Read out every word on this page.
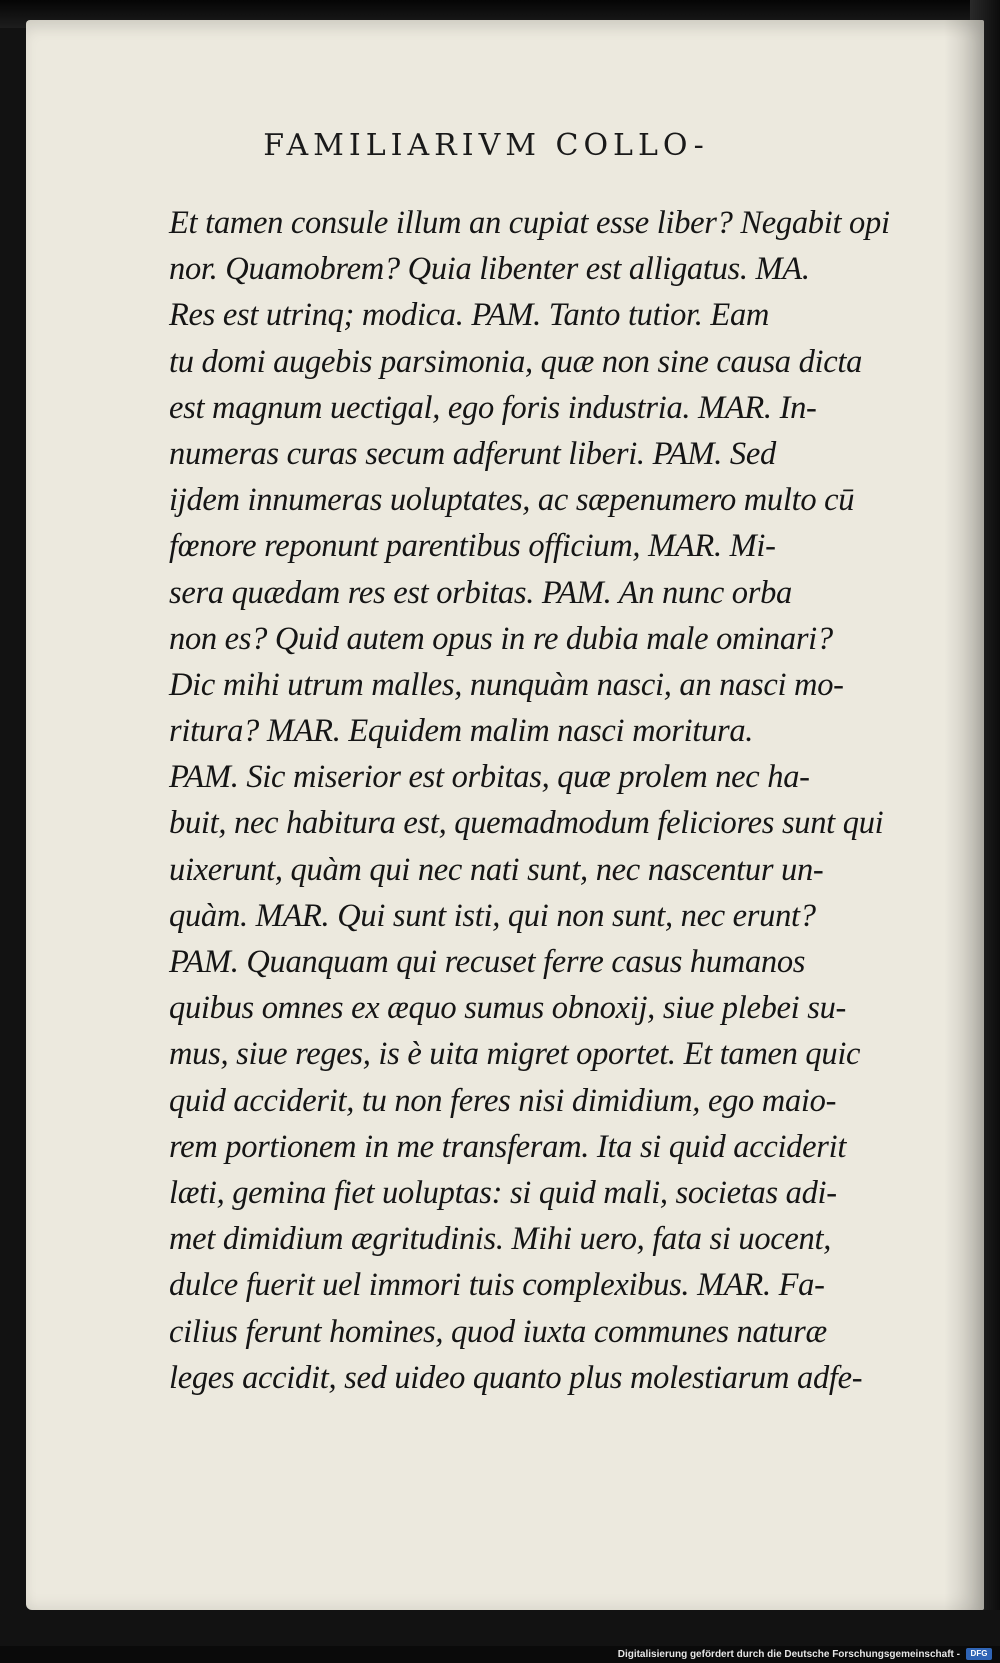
FAMILIARIVM COLLO-
Et tamen consule illum an cupiat esse liber? Negabit opi
nor. Quamobrem? Quia libenter est alligatus. MA.
Res est utrinq; modica. PAM. Tanto tutior. Eam
tu domi augebis parsimonia, quæ non sine causa dicta
est magnum uectigal, ego foris industria. MAR. In-
numeras curas secum adferunt liberi. PAM. Sed
ijdem innumeras uoluptates, ac sæpenumero multo cū
fœnore reponunt parentibus officium, MAR. Mi-
sera quædam res est orbitas. PAM. An nunc orba
non es? Quid autem opus in re dubia male ominari?
Dic mihi utrum malles, nunquàm nasci, an nasci mo-
ritura? MAR. Equidem malim nasci moritura.
PAM. Sic miserior est orbitas, quæ prolem nec ha-
buit, nec habitura est, quemadmodum feliciores sunt qui
uixerunt, quàm qui nec nati sunt, nec nascentur un-
quàm. MAR. Qui sunt isti, qui non sunt, nec erunt?
PAM. Quanquam qui recuset ferre casus humanos
quibus omnes ex æquo sumus obnoxij, siue plebei su-
mus, siue reges, is è uita migret oportet. Et tamen quic
quid acciderit, tu non feres nisi dimidium, ego maio-
rem portionem in me transferam. Ita si quid acciderit
læti, gemina fiet uoluptas: si quid mali, societas adi-
met dimidium ægritudinis. Mihi uero, fata si uocent,
dulce fuerit uel immori tuis complexibus. MAR. Fa-
cilius ferunt homines, quod iuxta communes naturæ
leges accidit, sed uideo quanto plus molestiarum adfe-
Digitalisierung gefördert durch die Deutsche Forschungsgemeinschaft -	DFG
